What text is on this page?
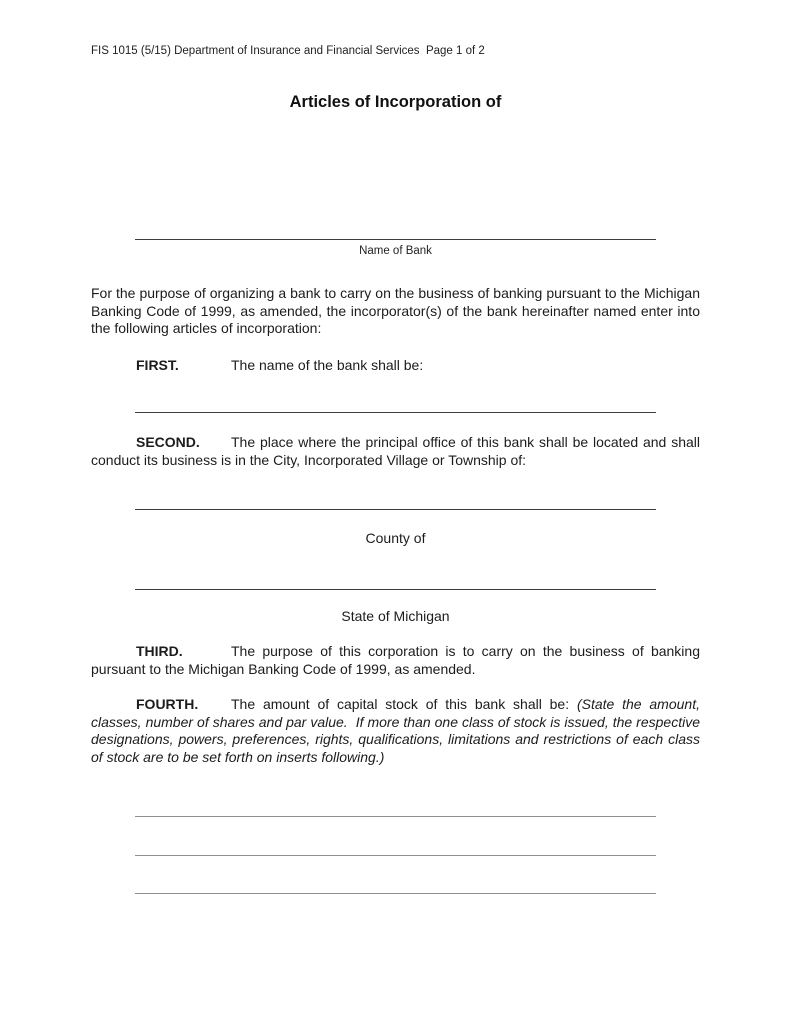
FIS 1015 (5/15) Department of Insurance and Financial Services  Page 1 of 2
Articles of Incorporation of
Name of Bank
For the purpose of organizing a bank to carry on the business of banking pursuant to the Michigan Banking Code of 1999, as amended, the incorporator(s) of the bank hereinafter named enter into the following articles of incorporation:
FIRST.	The name of the bank shall be:
SECOND. The place where the principal office of this bank shall be located and shall conduct its business is in the City, Incorporated Village or Township of:
County of
State of Michigan
THIRD.	The purpose of this corporation is to carry on the business of banking pursuant to the Michigan Banking Code of 1999, as amended.
FOURTH. The amount of capital stock of this bank shall be: (State the amount, classes, number of shares and par value.  If more than one class of stock is issued, the respective designations, powers, preferences, rights, qualifications, limitations and restrictions of each class of stock are to be set forth on inserts following.)
